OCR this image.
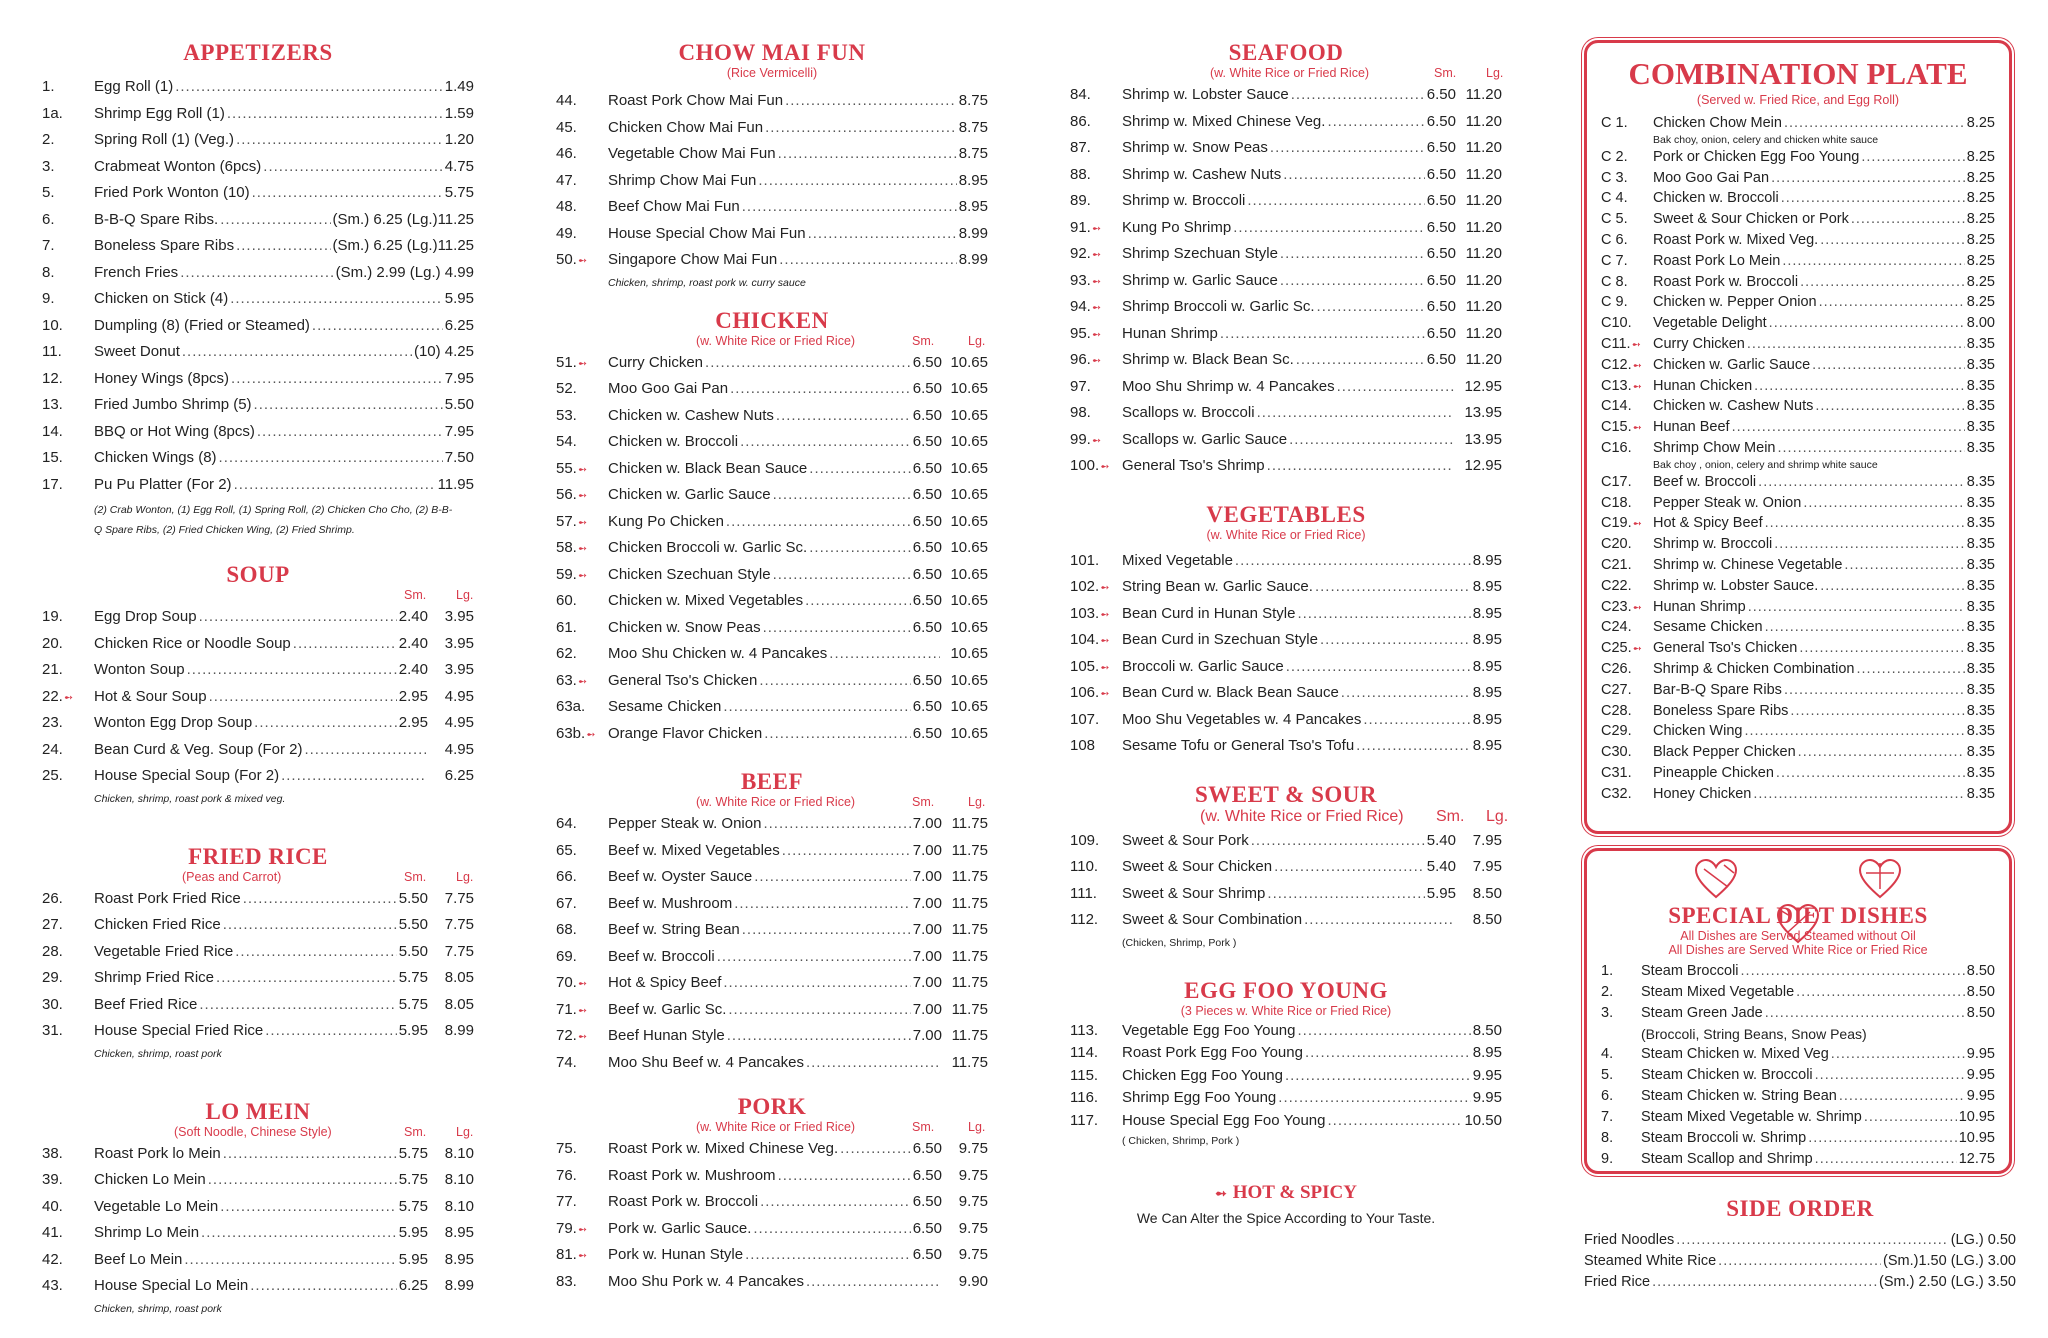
APPETIZERS
1.	Egg Roll (1) .....	1.49
1a.	Shrimp Egg Roll (1) .....	1.59
2.	Spring Roll (1) (Veg.) .....	1.20
3.	Crabmeat Wonton (6pcs) .....	4.75
5.	Fried Pork Wonton (10) .....	5.75
6.	B-B-Q Spare Ribs. .....	(Sm.) 6.25 (Lg.)11.25
7.	Boneless Spare Ribs .....	(Sm.) 6.25 (Lg.)11.25
8.	French Fries .....	(Sm.) 2.99 (Lg.) 4.99
9.	Chicken on Stick (4) .....	5.95
10.	Dumpling (8) (Fried or Steamed) .....	6.25
11.	Sweet Donut .....	(10) 4.25
12.	Honey Wings (8pcs) .....	7.95
13.	Fried Jumbo Shrimp (5) .....	5.50
14.	BBQ or Hot Wing (8pcs) .....	7.95
15.	Chicken Wings (8) .....	7.50
17.	Pu Pu Platter (For 2) .....	11.95
(2) Crab Wonton, (1) Egg Roll, (1) Spring Roll, (2) Chicken Cho Cho, (2) B-B-Q Spare Ribs, (2) Fried Chicken Wing, (2) Fried Shrimp.
SOUP
Sm. Lg.
19.	Egg Drop Soup .....	2.40	3.95
20.	Chicken Rice or Noodle Soup .....	2.40	3.95
21.	Wonton Soup .....	2.40	3.95
22.➻	Hot & Sour Soup .....	2.95	4.95
23.	Wonton Egg Drop Soup .....	2.95	4.95
24.	Bean Curd & Veg. Soup (For 2) .....	4.95
25.	House Special Soup (For 2) .....	6.25
Chicken, shrimp, roast pork & mixed veg.
FRIED RICE
(Peas and Carrot)	Sm. Lg.
26.	Roast Pork Fried Rice .....	5.50	7.75
27.	Chicken Fried Rice .....	5.50	7.75
28.	Vegetable Fried Rice .....	5.50	7.75
29.	Shrimp Fried Rice .....	5.75	8.05
30.	Beef Fried Rice .....	5.75	8.05
31.	House Special Fried Rice .....	5.95	8.99
Chicken, shrimp, roast pork
LO MEIN
(Soft Noodle, Chinese Style)	Sm. Lg.
38.	Roast Pork lo Mein .....	5.75	8.10
39.	Chicken Lo Mein .....	5.75	8.10
40.	Vegetable Lo Mein .....	5.75	8.10
41.	Shrimp Lo Mein .....	5.95	8.95
42.	Beef Lo Mein .....	5.95	8.95
43.	House Special Lo Mein .....	6.25	8.99
Chicken, shrimp, roast pork
CHOW MAI FUN
(Rice Vermicelli)
44.	Roast Pork Chow Mai Fun .....	8.75
45.	Chicken Chow Mai Fun .....	8.75
46.	Vegetable Chow Mai Fun .....	8.75
47.	Shrimp Chow Mai Fun .....	8.95
48.	Beef Chow Mai Fun .....	8.95
49.	House Special Chow Mai Fun .....	8.99
50.➻	Singapore Chow Mai Fun .....	8.99
Chicken, shrimp, roast pork w. curry sauce
CHICKEN
(w. White Rice or Fried Rice)	Sm.	Lg.
51.➻	Curry Chicken .....	6.50 10.65
52.	Moo Goo Gai Pan .....	6.50 10.65
53.	Chicken w. Cashew Nuts .....	6.50 10.65
54.	Chicken w. Broccoli .....	6.50 10.65
55.➻	Chicken w. Black Bean Sauce .....	6.50 10.65
56.➻	Chicken w. Garlic Sauce .....	6.50 10.65
57.➻	Kung Po Chicken .....	6.50 10.65
58.➻	Chicken Broccoli w. Garlic Sc. .....	6.50 10.65
59.➻	Chicken Szechuan Style .....	6.50 10.65
60.	Chicken w. Mixed Vegetables .....	6.50 10.65
61.	Chicken w. Snow Peas .....	6.50 10.65
62.	Moo Shu Chicken w. 4 Pancakes .....	10.65
63.➻	General Tso's Chicken .....	6.50 10.65
63a.	Sesame Chicken .....	6.50 10.65
63b.➻ Orange Flavor Chicken .....	6.50 10.65
BEEF
(w. White Rice or Fried Rice)	Sm.	Lg.
64.	Pepper Steak w. Onion .....	7.00 11.75
65.	Beef w. Mixed Vegetables .....	7.00 11.75
66.	Beef w. Oyster Sauce .....	7.00 11.75
67.	Beef w. Mushroom .....	7.00 11.75
68.	Beef w. String Bean .....	7.00 11.75
69.	Beef w. Broccoli .....	7.00 11.75
70.➻	Hot & Spicy Beef .....	7.00 11.75
71.➻	Beef w. Garlic Sc. .....	7.00 11.75
72.➻	Beef Hunan Style .....	7.00 11.75
74.	Moo Shu Beef w. 4 Pancakes .....	11.75
PORK
(w. White Rice or Fried Rice)	Sm.	Lg.
75.	Roast Pork w. Mixed Chinese Veg. .....	6.50	9.75
76.	Roast Pork w. Mushroom .....	6.50	9.75
77.	Roast Pork w. Broccoli .....	6.50	9.75
79.➻	Pork w. Garlic Sauce. .....	6.50	9.75
81.➻	Pork w. Hunan Style .....	6.50	9.75
83.	Moo Shu Pork w. 4 Pancakes .....	9.90
SEAFOOD
(w. White Rice or Fried Rice)	Sm. Lg.
84.	Shrimp w. Lobster Sauce .....	6.50 11.20
86.	Shrimp w. Mixed Chinese Veg. .....	6.50 11.20
87.	Shrimp w. Snow Peas .....	6.50 11.20
88.	Shrimp w. Cashew Nuts .....	6.50 11.20
89.	Shrimp w. Broccoli .....	6.50 11.20
91.➻	Kung Po Shrimp .....	6.50 11.20
92.➻	Shrimp Szechuan Style .....	6.50 11.20
93.➻	Shrimp w. Garlic Sauce .....	6.50 11.20
94.➻	Shrimp Broccoli w. Garlic Sc. .....	6.50 11.20
95.➻	Hunan Shrimp .....	6.50 11.20
96.➻	Shrimp w. Black Bean Sc. .....	6.50 11.20
97.	Moo Shu Shrimp w. 4 Pancakes .....	12.95
98.	Scallops w. Broccoli .....	13.95
99.➻	Scallops w. Garlic Sauce .....	13.95
100.➻ General Tso's Shrimp .....	12.95
VEGETABLES
(w. White Rice or Fried Rice)
101.	Mixed Vegetable .....	8.95
102.➻ String Bean w. Garlic Sauce. .....	8.95
103.➻ Bean Curd in Hunan Style .....	8.95
104.➻ Bean Curd in Szechuan Style .....	8.95
105.➻ Broccoli w. Garlic Sauce .....	8.95
106.➻ Bean Curd w. Black Bean Sauce .....	8.95
107.	Moo Shu Vegetables w. 4 Pancakes .....	8.95
108	Sesame Tofu or General Tso's Tofu .....	8.95
SWEET & SOUR
(w. White Rice or Fried Rice) Sm. Lg.
109.	Sweet & Sour Pork .....	5.40	7.95
110.	Sweet & Sour Chicken .....	5.40	7.95
111.	Sweet & Sour Shrimp .....	5.95	8.50
112.	Sweet & Sour Combination .....	8.50
(Chicken, Shrimp, Pork )
EGG FOO YOUNG
(3 Pieces w. White Rice or Fried Rice)
113.	Vegetable Egg Foo Young .....	8.50
114.	Roast Pork Egg Foo Young .....	8.95
115.	Chicken Egg Foo Young .....	9.95
116.	Shrimp Egg Foo Young .....	9.95
117.	House Special Egg Foo Young .....	10.50
( Chicken, Shrimp, Pork )
➻ HOT & SPICY
We Can Alter the Spice According to Your Taste.
COMBINATION PLATE
(Served w. Fried Rice, and Egg Roll)
C 1.	Chicken Chow Mein .....	8.25
Bak choy, onion, celery and chicken white sauce
C 2.	Pork or Chicken Egg Foo Young .....	8.25
C 3.	Moo Goo Gai Pan .....	8.25
C 4.	Chicken w. Broccoli .....	8.25
C 5.	Sweet & Sour Chicken or Pork .....	8.25
C 6.	Roast Pork w. Mixed Veg. .....	8.25
C 7.	Roast Pork Lo Mein .....	8.25
C 8.	Roast Pork w. Broccoli .....	8.25
C 9.	Chicken w. Pepper Onion .....	8.25
C10.	Vegetable Delight .....	8.00
C11.➻ Curry Chicken .....	8.35
C12.➻ Chicken w. Garlic Sauce .....	8.35
C13.➻ Hunan Chicken .....	8.35
C14.	Chicken w. Cashew Nuts .....	8.35
C15.➻ Hunan Beef .....	8.35
C16.	Shrimp Chow Mein .....	8.35
Bak choy , onion, celery and shrimp white sauce
C17.	Beef w. Broccoli .....	8.35
C18.	Pepper Steak w. Onion .....	8.35
C19.➻ Hot & Spicy Beef .....	8.35
C20.	Shrimp w. Broccoli .....	8.35
C21.	Shrimp w. Chinese Vegetable .....	8.35
C22.	Shrimp w. Lobster Sauce. .....	8.35
C23.➻ Hunan Shrimp .....	8.35
C24.	Sesame Chicken .....	8.35
C25.➻ General Tso's Chicken .....	8.35
C26.	Shrimp & Chicken Combination .....	8.35
C27.	Bar-B-Q Spare Ribs .....	8.35
C28.	Boneless Spare Ribs .....	8.35
C29.	Chicken Wing .....	8.35
C30.	Black Pepper Chicken .....	8.35
C31.	Pineapple Chicken .....	8.35
C32.	Honey Chicken .....	8.35

SPECIAL DIET DISHES
All Dishes are Served Steamed without Oil
All Dishes are Served White Rice or Fried Rice
1.	Steam Broccoli .....	8.50
2.	Steam Mixed Vegetable .....	8.50
3.	Steam Green Jade .....	8.50
(Broccoli, String Beans, Snow Peas)
4.	Steam Chicken w. Mixed Veg .....	9.95
5.	Steam Chicken w. Broccoli .....	9.95
6.	Steam Chicken w. String Bean .....	9.95
7.	Steam Mixed Vegetable w. Shrimp .....	10.95
8.	Steam Broccoli w. Shrimp .....	10.95
9.	Steam Scallop and Shrimp .....	12.75
SIDE ORDER
Fried Noodles .....	(LG.) 0.50
Steamed White Rice .....	(Sm.)1.50 (LG.) 3.00
Fried Rice .....	(Sm.) 2.50 (LG.) 3.50
